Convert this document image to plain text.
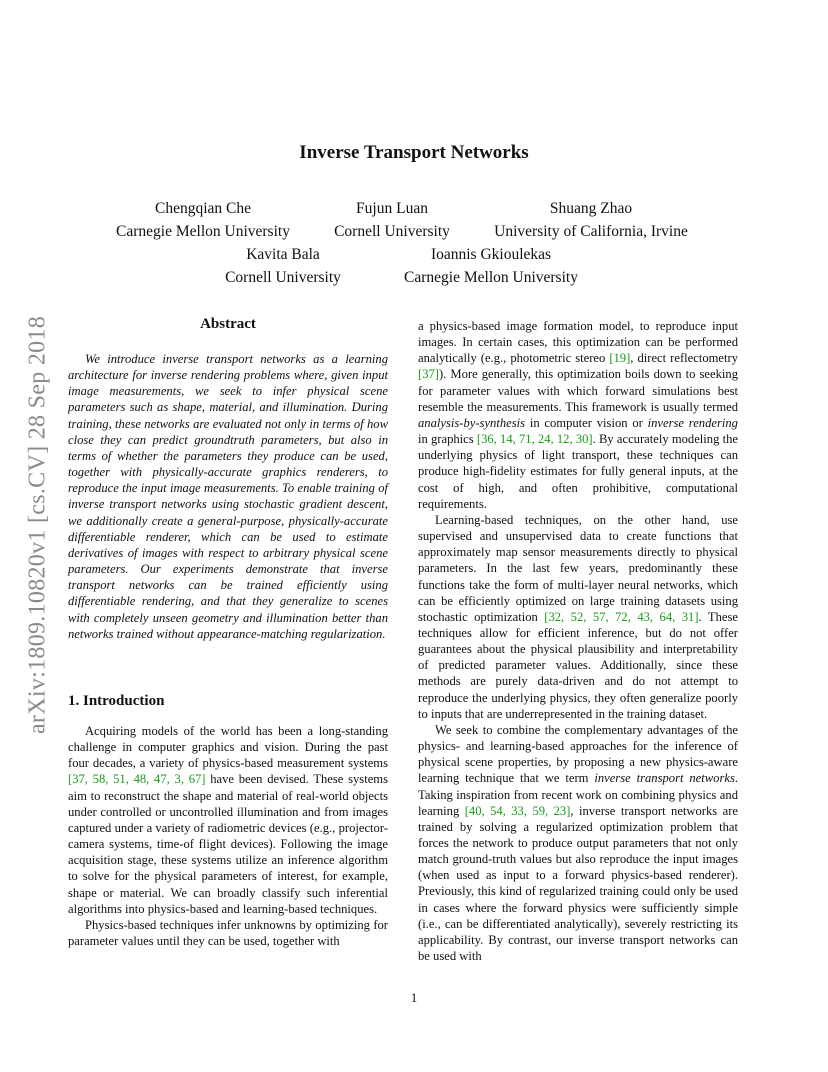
arXiv:1809.10820v1 [cs.CV] 28 Sep 2018
Inverse Transport Networks
Chengqian Che
Carnegie Mellon University
Fujun Luan
Cornell University
Shuang Zhao
University of California, Irvine
Kavita Bala
Cornell University
Ioannis Gkioulekas
Carnegie Mellon University
Abstract

We introduce inverse transport networks as a learning architecture for inverse rendering problems where, given input image measurements, we seek to infer physical scene parameters such as shape, material, and illumination. During training, these networks are evaluated not only in terms of how close they can predict groundtruth parameters, but also in terms of whether the parameters they produce can be used, together with physically-accurate graphics renderers, to reproduce the input image measurements. To enable training of inverse transport networks using stochastic gradient descent, we additionally create a general-purpose, physically-accurate differentiable renderer, which can be used to estimate derivatives of images with respect to arbitrary physical scene parameters. Our experiments demonstrate that inverse transport networks can be trained efficiently using differentiable rendering, and that they generalize to scenes with completely unseen geometry and illumination better than networks trained without appearance-matching regularization.

1. Introduction

Acquiring models of the world has been a long-standing challenge in computer graphics and vision. During the past four decades, a variety of physics-based measurement systems [37, 58, 51, 48, 47, 3, 67] have been devised. These systems aim to reconstruct the shape and material of real-world objects under controlled or uncontrolled illumination and from images captured under a variety of radiometric devices (e.g., projector-camera systems, time-of flight devices). Following the image acquisition stage, these systems utilize an inference algorithm to solve for the physical parameters of interest, for example, shape or material. We can broadly classify such inferential algorithms into physics-based and learning-based techniques.

Physics-based techniques infer unknowns by optimizing for parameter values until they can be used, together with

a physics-based image formation model, to reproduce input images. In certain cases, this optimization can be performed analytically (e.g., photometric stereo [19], direct reflectometry [37]). More generally, this optimization boils down to seeking for parameter values with which forward simulations best resemble the measurements. This framework is usually termed analysis-by-synthesis in computer vision or inverse rendering in graphics [36, 14, 71, 24, 12, 30]. By accurately modeling the underlying physics of light transport, these techniques can produce high-fidelity estimates for fully general inputs, at the cost of high, and often prohibitive, computational requirements.

Learning-based techniques, on the other hand, use supervised and unsupervised data to create functions that approximately map sensor measurements directly to physical parameters. In the last few years, predominantly these functions take the form of multi-layer neural networks, which can be efficiently optimized on large training datasets using stochastic optimization [32, 52, 57, 72, 43, 64, 31]. These techniques allow for efficient inference, but do not offer guarantees about the physical plausibility and interpretability of predicted parameter values. Additionally, since these methods are purely data-driven and do not attempt to reproduce the underlying physics, they often generalize poorly to inputs that are underrepresented in the training dataset.

We seek to combine the complementary advantages of the physics- and learning-based approaches for the inference of physical scene properties, by proposing a new physics-aware learning technique that we term inverse transport networks. Taking inspiration from recent work on combining physics and learning [40, 54, 33, 59, 23], inverse transport networks are trained by solving a regularized optimization problem that forces the network to produce output parameters that not only match ground-truth values but also reproduce the input images (when used as input to a forward physics-based renderer). Previously, this kind of regularized training could only be used in cases where the forward physics were sufficiently simple (i.e., can be differentiated analytically), severely restricting its applicability. By contrast, our inverse transport networks can be used with

1
